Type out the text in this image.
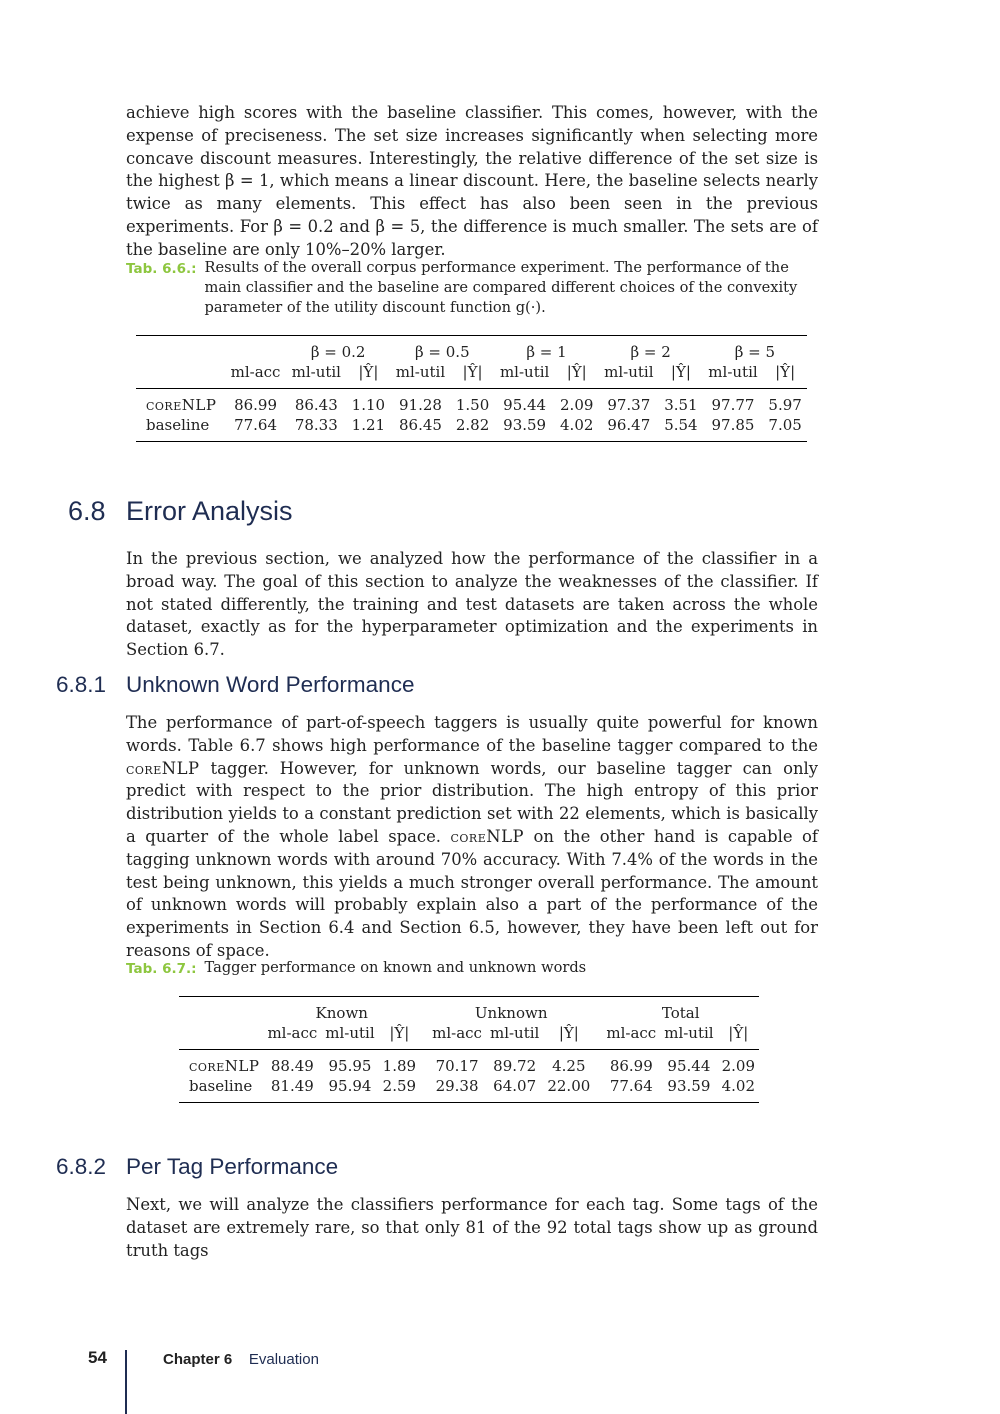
achieve high scores with the baseline classifier. This comes, however, with the expense of preciseness. The set size increases significantly when selecting more concave discount measures. Interestingly, the relative difference of the set size is the highest β = 1, which means a linear discount. Here, the baseline selects nearly twice as many elements. This effect has also been seen in the previous experiments. For β = 0.2 and β = 5, the difference is much smaller. The sets are of the baseline are only 10%–20% larger.

Tab. 6.6.: Results of the overall corpus performance experiment. The performance of the main classifier and the baseline are compared different choices of the convexity parameter of the utility discount function g(·).
		β = 0.2		β = 0.5		β = 1		β = 2		β = 5	
	ml-acc	ml-util	|Ŷ|	ml-util	|Ŷ|	ml-util	|Ŷ|	ml-util	|Ŷ|	ml-util	|Ŷ|
coreNLP	86.99	86.43	1.10	91.28	1.50	95.44	2.09	97.37	3.51	97.77	5.97
baseline	77.64	78.33	1.21	86.45	2.82	93.59	4.02	96.47	5.54	97.85	7.05
6.8 Error Analysis

In the previous section, we analyzed how the performance of the classifier in a broad way. The goal of this section to analyze the weaknesses of the classifier. If not stated differently, the training and test datasets are taken across the whole dataset, exactly as for the hyperparameter optimization and the experiments in Section 6.7.

6.8.1 Unknown Word Performance

The performance of part-of-speech taggers is usually quite powerful for known words. Table 6.7 shows high performance of the baseline tagger compared to the coreNLP tagger. However, for unknown words, our baseline tagger can only predict with respect to the prior distribution. The high entropy of this prior distribution yields to a constant prediction set with 22 elements, which is basically a quarter of the whole label space. coreNLP on the other hand is capable of tagging unknown words with around 70% accuracy. With 7.4% of the words in the test being unknown, this yields a much stronger overall performance. The amount of unknown words will probably explain also a part of the performance of the experiments in Section 6.4 and Section 6.5, however, they have been left out for reasons of space.

Tab. 6.7.: Tagger performance on known and unknown words
	Known				Unknown				Total		
	ml-acc	ml-util	|Ŷ|		ml-acc	ml-util	|Ŷ|		ml-acc	ml-util	|Ŷ|
coreNLP	88.49	95.95	1.89		70.17	89.72	4.25		86.99	95.44	2.09
baseline	81.49	95.94	2.59		29.38	64.07	22.00		77.64	93.59	4.02
6.8.2 Per Tag Performance

Next, we will analyze the classifiers performance for each tag. Some tags of the dataset are extremely rare, so that only 81 of the 92 total tags show up as ground truth tags

54	Chapter 6 Evaluation
